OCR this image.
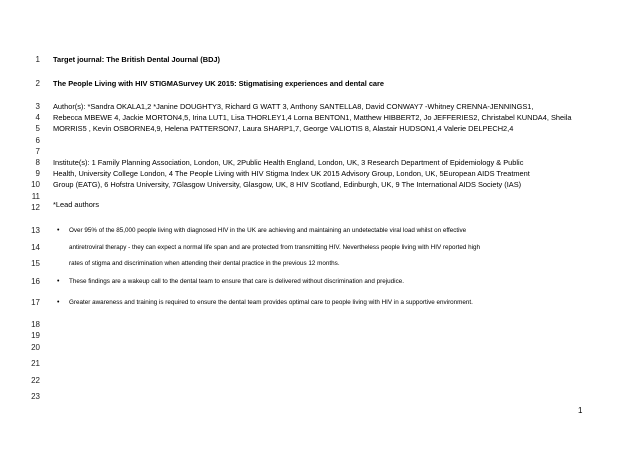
1
2
3
4
5
6
7
8
9
10
11
12
13
14
15
16
17
18
19
20
21
22
23
Target journal: The British Dental Journal (BDJ)
The People Living with HIV STIGMASurvey UK 2015: Stigmatising experiences and dental care
Author(s): *Sandra OKALA1,2 *Janine DOUGHTY3, Richard G WATT 3, Anthony SANTELLA8, David CONWAY7 -Whitney CRENNA-JENNINGS1,
Rebecca MBEWE 4, Jackie MORTON4,5, Irina LUT1, Lisa THORLEY1,4 Lorna BENTON1, Matthew HIBBERT2, Jo JEFFERIES2, Christabel KUNDA4, Sheila
MORRIS5 , Kevin OSBORNE4,9, Helena PATTERSON7, Laura SHARP1,7, George VALIOTIS 8, Alastair HUDSON1,4 Valerie DELPECH2,4
Institute(s): 1 Family Planning Association, London, UK, 2Public Health England, London, UK, 3 Research Department of Epidemiology & Public
Health, University College London, 4 The People Living with HIV Stigma Index UK 2015 Advisory Group, London, UK, 5European AIDS Treatment
Group (EATG), 6 Hofstra University, 7Glasgow University, Glasgow, UK, 8 HIV Scotland, Edinburgh, UK, 9 The International AIDS Society (IAS)
*Lead authors
• Over 95% of the 85,000 people living with diagnosed HIV in the UK are achieving and maintaining an undetectable viral load whilst on effective
antiretroviral therapy - they can expect a normal life span and are protected from transmitting HIV. Nevertheless people living with HIV reported high
rates of stigma and discrimination when attending their dental practice in the previous 12 months.
• These findings are a wakeup call to the dental team to ensure that care is delivered without discrimination and prejudice.
• Greater awareness and training is required to ensure the dental team provides optimal care to people living with HIV in a supportive environment.
1
